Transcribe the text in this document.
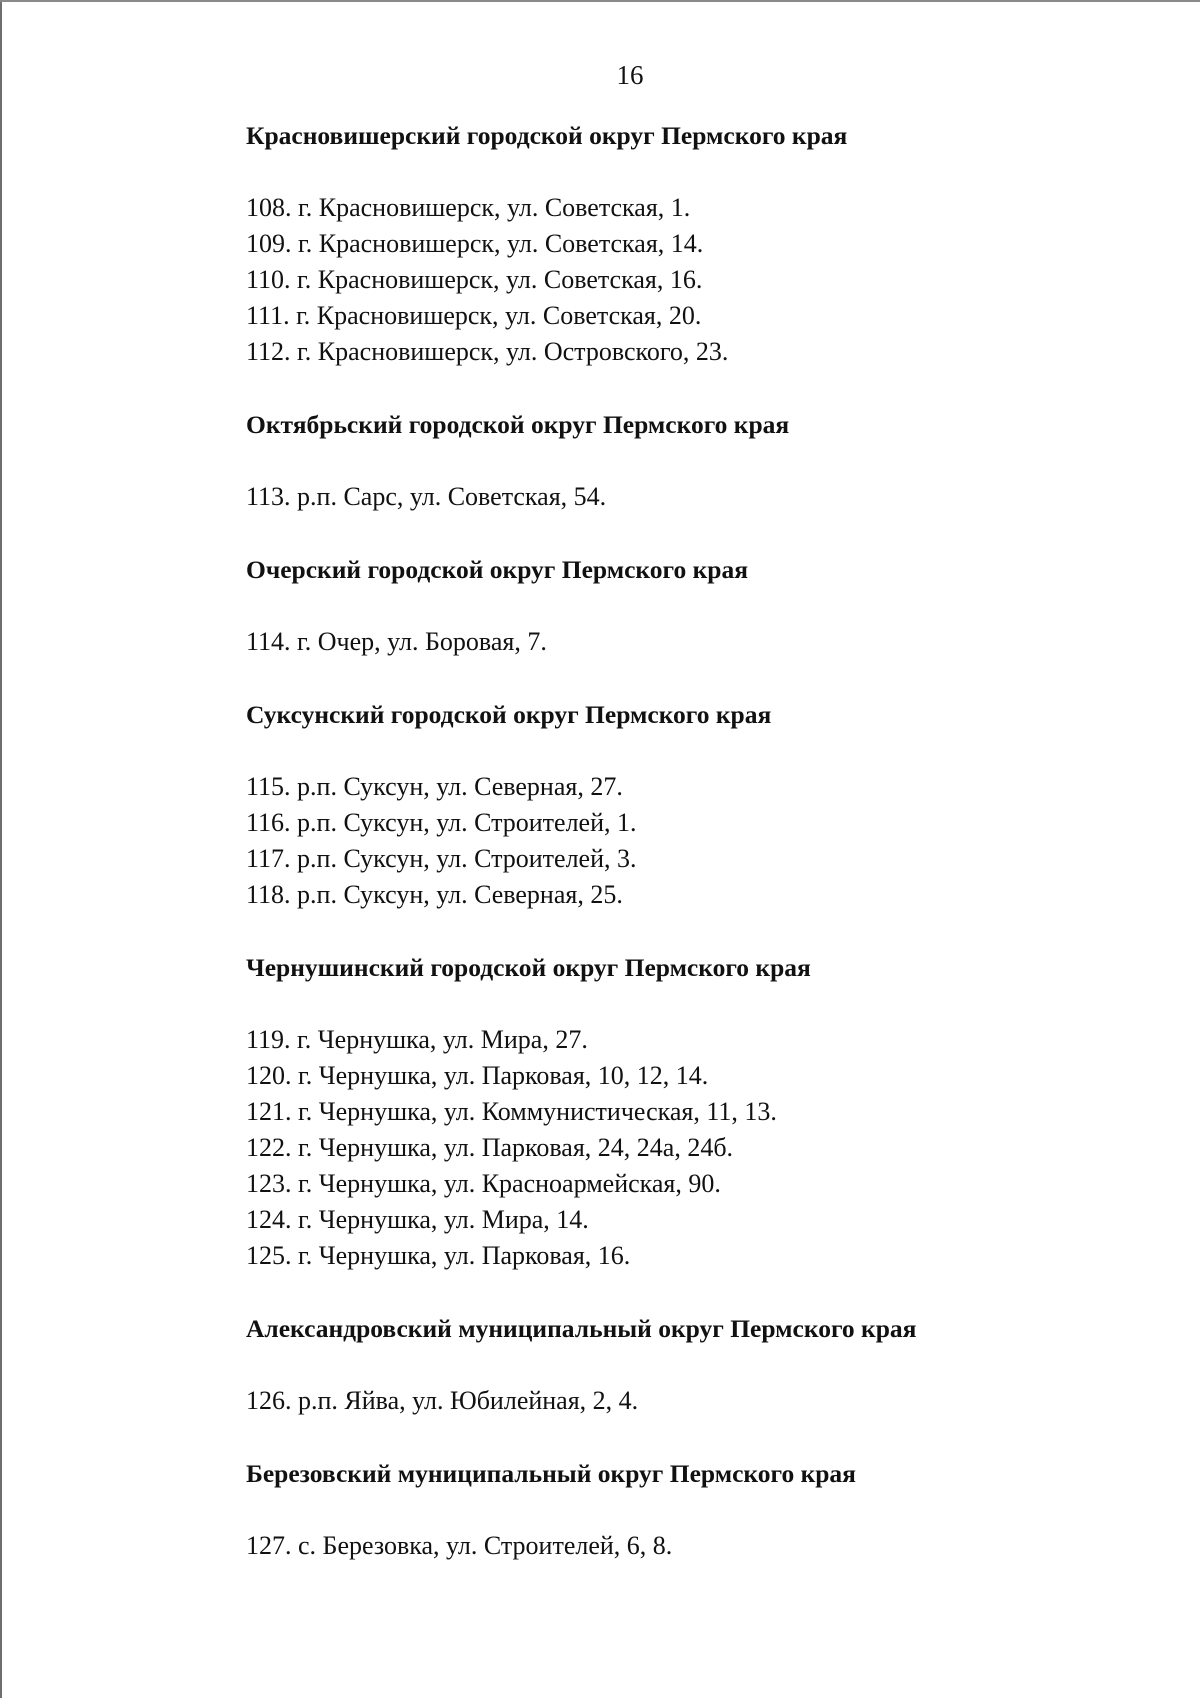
16
Красновишерский городской округ Пермского края
108. г. Красновишерск, ул. Советская, 1.
109. г. Красновишерск, ул. Советская, 14.
110. г. Красновишерск, ул. Советская, 16.
111. г. Красновишерск, ул. Советская, 20.
112. г. Красновишерск, ул. Островского, 23.
Октябрьский городской округ Пермского края
113. р.п. Сарс, ул. Советская, 54.
Очерский городской округ Пермского края
114. г. Очер, ул. Боровая, 7.
Суксунский городской округ Пермского края
115. р.п. Суксун, ул. Северная, 27.
116. р.п. Суксун, ул. Строителей, 1.
117. р.п. Суксун, ул. Строителей, 3.
118. р.п. Суксун, ул. Северная, 25.
Чернушинский городской округ Пермского края
119. г. Чернушка, ул. Мира, 27.
120. г. Чернушка, ул. Парковая, 10, 12, 14.
121. г. Чернушка, ул. Коммунистическая, 11, 13.
122. г. Чернушка, ул. Парковая, 24, 24а, 24б.
123. г. Чернушка, ул. Красноармейская, 90.
124. г. Чернушка, ул. Мира, 14.
125. г. Чернушка, ул. Парковая, 16.
Александровский муниципальный округ Пермского края
126. р.п. Яйва, ул. Юбилейная, 2, 4.
Березовский муниципальный округ Пермского края
127. с. Березовка, ул. Строителей, 6, 8.
